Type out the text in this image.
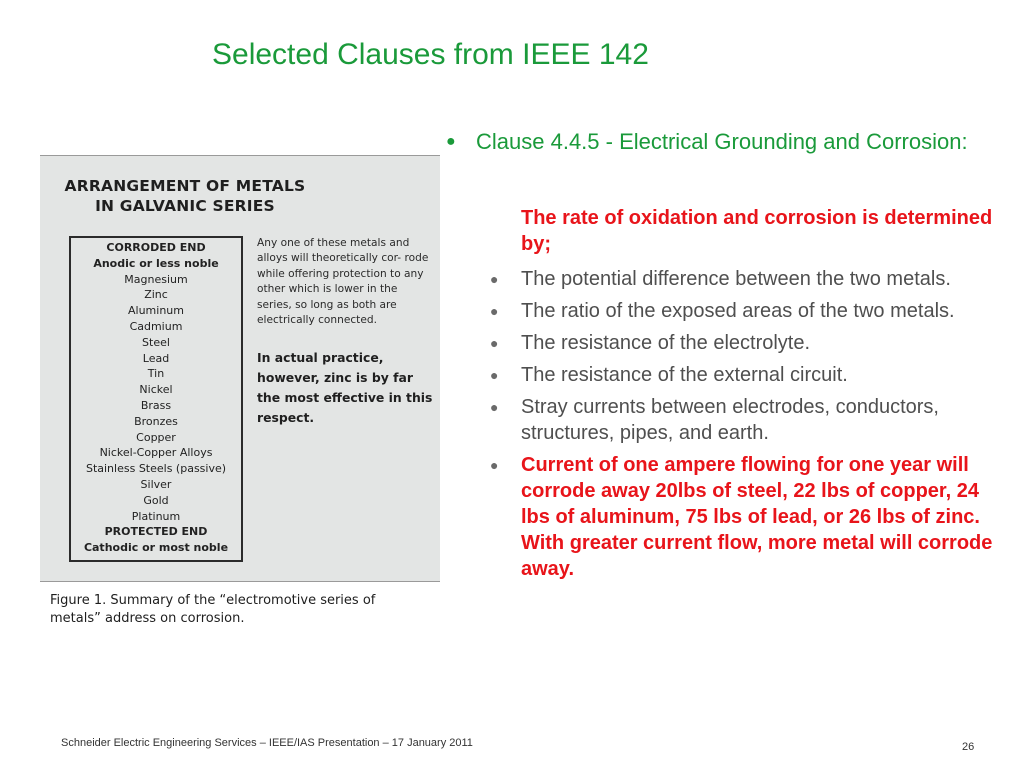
Selected Clauses from IEEE 142
ARRANGEMENT OF METALS
IN GALVANIC SERIES
CORRODED END
Anodic or less noble
Magnesium
Zinc
Aluminum
Cadmium
Steel
Lead
Tin
Nickel
Brass
Bronzes
Copper
Nickel-Copper Alloys
Stainless Steels (passive)
Silver
Gold
Platinum
PROTECTED END
Cathodic or most noble
Any one of these metals and alloys will theoretically cor- rode while offering protection to any other which is lower in the series, so long as both are electrically connected.
In actual practice, however, zinc is by far the most effective in this respect.
Figure 1. Summary of the “electromotive series of metals” address on corrosion.
● Clause 4.4.5 - Electrical Grounding and Corrosion:
The rate of oxidation and corrosion is determined by;
● The potential difference between the two metals.
● The ratio of the exposed areas of the two metals.
● The resistance of the electrolyte.
● The resistance of the external circuit.
● Stray currents between electrodes, conductors, structures, pipes, and earth.
● Current of one ampere flowing for one year will corrode away 20lbs of steel, 22 lbs of copper, 24 lbs of aluminum, 75 lbs of lead, or 26 lbs of zinc. With greater current flow, more metal will corrode away.
Schneider Electric Engineering Services – IEEE/IAS Presentation – 17 January 2011	26
